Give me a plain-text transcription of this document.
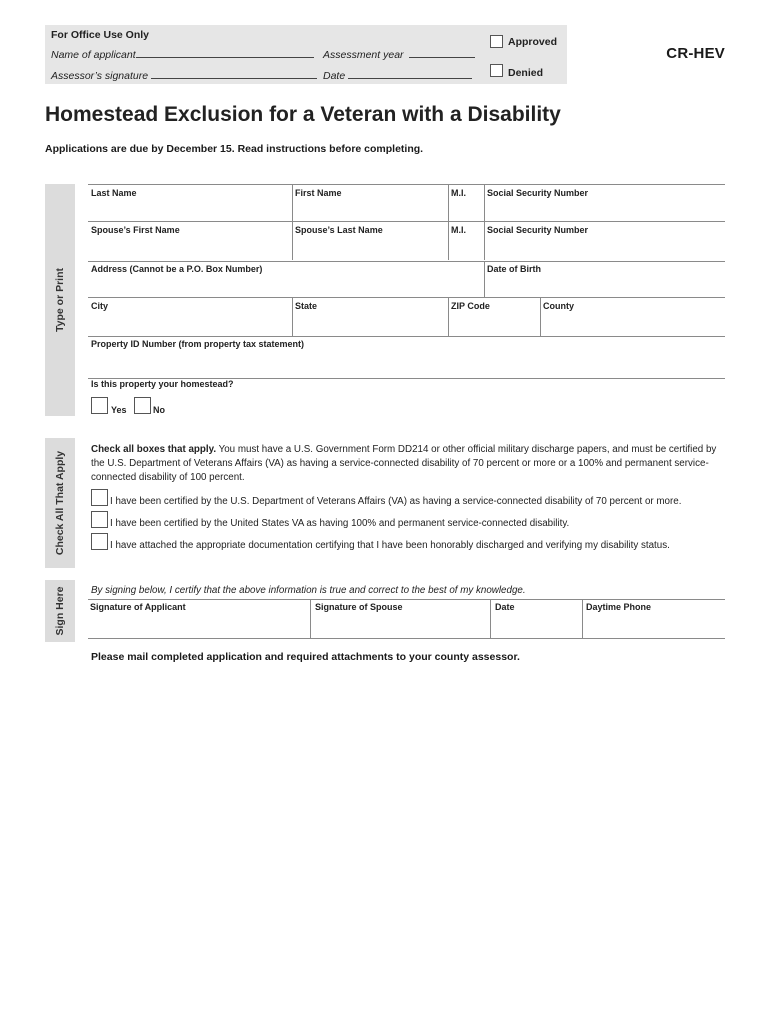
For Office Use Only
Name of applicant	Assessment year
Assessor’s signature	Date
Approved
Denied
CR-HEV
Homestead Exclusion for a Veteran with a Disability
Applications are due by December 15. Read instructions before completing.
Type or Print
Check All That Apply
Sign Here
Last Name	First Name	M.I. Social Security Number
Spouse’s First Name	Spouse’s Last Name	M.I. Social Security Number
Address (Cannot be a P.O. Box Number)	Date of Birth
City	State	ZIP Code	County
Property ID Number (from property tax statement)
Is this property your homestead?
Yes	No
Check all boxes that apply. You must have a U.S. Government Form DD214 or other official military discharge papers, and must be certified by the U.S. Department of Veterans Affairs (VA) as having a service-connected disability of 70 percent or more or a 100% and permanent service-connected disability of 100 percent.
I have been certified by the U.S. Department of Veterans Affairs (VA) as having a service-connected disability of 70 percent or more.
I have been certified by the United States VA as having 100% and permanent service-connected disability.
I have attached the appropriate documentation certifying that I have been honorably discharged and verifying my disability status.
By signing below, I certify that the above information is true and correct to the best of my knowledge.
Signature of Applicant	Signature of Spouse	Date	Daytime Phone
Please mail completed application and required attachments to your county assessor.
